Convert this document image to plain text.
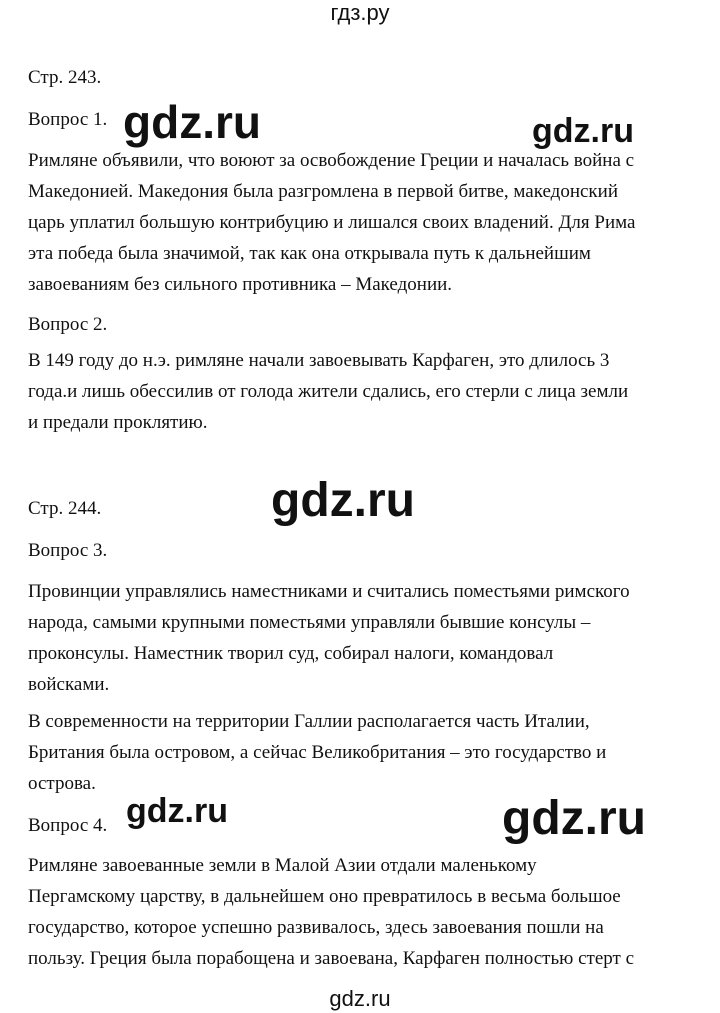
гдз.ру
Стр. 243.
Вопрос 1.
Римляне объявили, что воюют за освобождение Греции и началась война с
Македонией. Македония была разгромлена в первой битве, македонский
царь уплатил большую контрибуцию и лишался своих владений. Для Рима
эта победа была значимой, так как она открывала путь к дальнейшим
завоеваниям без сильного противника – Македонии.
Вопрос 2.
В 149 году до н.э. римляне начали завоевывать Карфаген, это длилось 3
года.и лишь обессилив от голода жители сдались, его стерли с лица земли
и предали проклятию.
Стр. 244.
Вопрос 3.
Провинции управлялись наместниками и считались поместьями римского
народа, самыми крупными поместьями управляли бывшие консулы –
проконсулы. Наместник творил суд, собирал налоги, командовал
войсками.
В современности на территории Галлии располагается часть Италии,
Британия была островом, а сейчас Великобритания – это государство и
острова.
Вопрос 4.
Римляне завоеванные земли в Малой Азии отдали маленькому
Пергамскому царству, в дальнейшем оно превратилось в весьма большое
государство, которое успешно развивалось, здесь завоевания пошли на
пользу. Греция была порабощена и завоевана, Карфаген полностью стерт с
gdz.ru	gdz.ru
gdz.ru
gdz.ru	gdz.ru
gdz.ru
